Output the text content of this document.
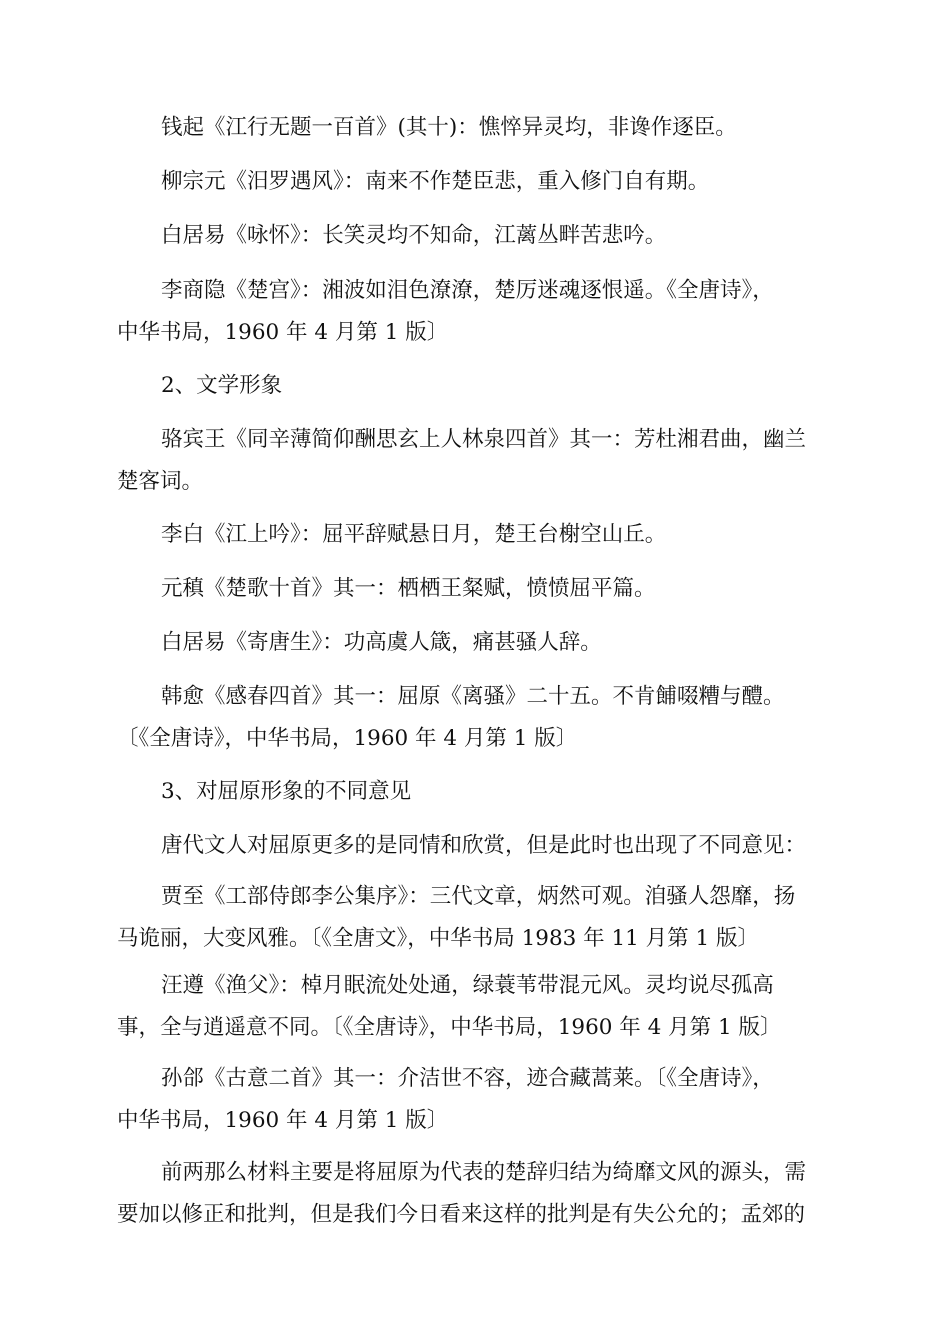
钱起《江行无题一百首》(其十)：憔悴异灵均，非谗作逐臣。

柳宗元《汨罗遇风》：南来不作楚臣悲，重入修门自有期。

白居易《咏怀》：长笑灵均不知命，江蓠丛畔苦悲吟。

李商隐《楚宫》：湘波如泪色潦潦，楚厉迷魂逐恨遥。《全唐诗》，
中华书局，1960 年 4 月第 1 版〕

2、文学形象

骆宾王《同辛薄简仰酬思玄上人林泉四首》其一：芳杜湘君曲，幽兰
楚客词。

李白《江上吟》：屈平辞赋悬日月，楚王台榭空山丘。

元稹《楚歌十首》其一：栖栖王粲赋，愤愤屈平篇。

白居易《寄唐生》：功高虞人箴，痛甚骚人辞。

韩愈《感春四首》其一：屈原《离骚》二十五。不肯餔啜糟与醴。
〔《全唐诗》，中华书局，1960 年 4 月第 1 版〕

3、对屈原形象的不同意见

唐代文人对屈原更多的是同情和欣赏，但是此时也出现了不同意见：

贾至《工部侍郎李公集序》：三代文章，炳然可观。洎骚人怨靡，扬
马诡丽，大变风雅。〔《全唐文》，中华书局 1983 年 11 月第 1 版〕

汪遵《渔父》：棹月眠流处处通，绿蓑苇带混元风。灵均说尽孤高
事，全与逍遥意不同。〔《全唐诗》，中华书局，1960 年 4 月第 1 版〕

孙郃《古意二首》其一：介洁世不容，迹合藏蒿莱。〔《全唐诗》，
中华书局，1960 年 4 月第 1 版〕

前两那么材料主要是将屈原为代表的楚辞归结为绮靡文风的源头，需
要加以修正和批判，但是我们今日看来这样的批判是有失公允的；孟郊的
